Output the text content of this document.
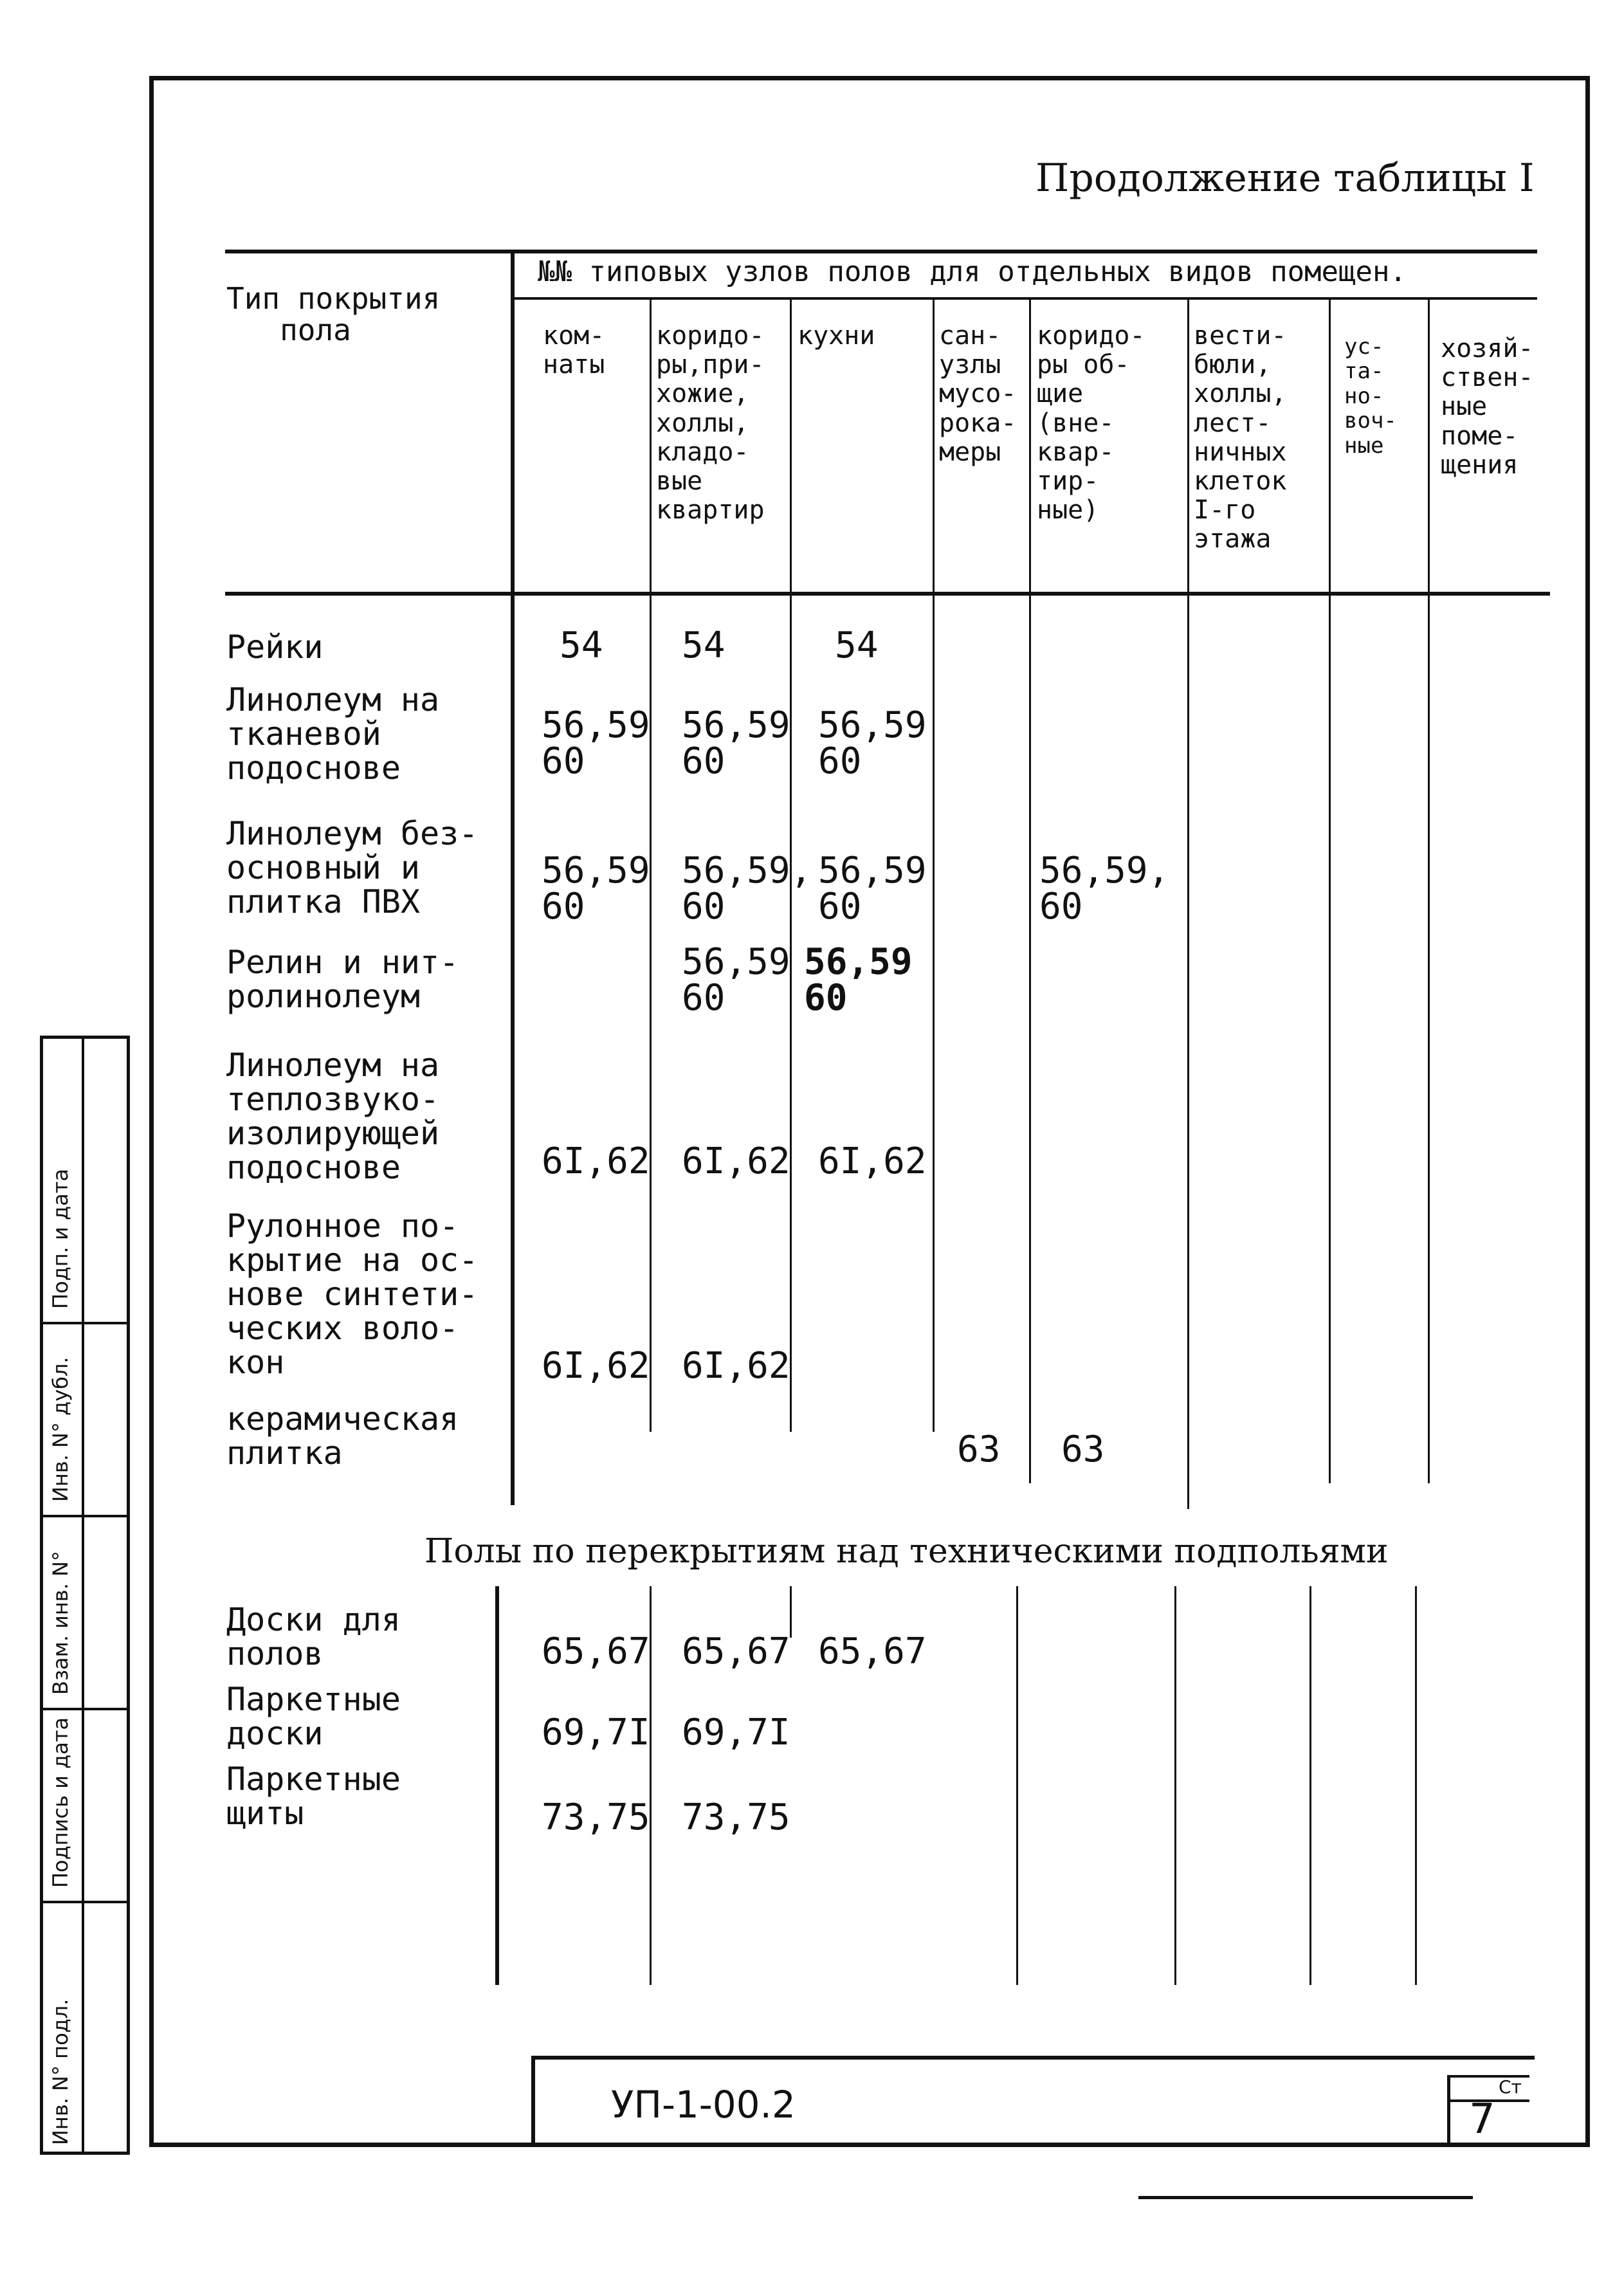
Подп. и дата
Инв. N° дубл.
Взам. инв. N°
Подпись и дата
Инв. N° подл.
Продолжение таблицы I
Тип покрытия
пола
№№ типовых узлов полов для отдельных видов помещен.
ком-
наты
коридо-
ры,при-
хожие,
холлы,
кладо-
вые
квартир
кухни сан-
узлы
мусо-
рока-
меры
коридо-
ры об-
щие
(вне-
квар-
тир-
ные)
вести-
бюли,
холлы,
лест-
ничных
клеток
I-го
этажа
ус-
та-
но-
воч-
ные
хозяй-
ствен-
ные
поме-
щения
Рейки
Линолеум на
тканевой
подоснове
Линолеум без-
основный и
плитка ПВХ
Релин и нит-
ролинолеум
Линолеум на
теплозвуко-
изолирующей
подоснове
Рулонное по-
крытие на ос-
нове синтети-
ческих воло-
кон
керамическая
плитка
54 54	54
56,59
60
56,59
60
56,59
60
56,59
60
56,59,
60
56,59
60
56,59,
60
56,59
60
56,59
60
6I,62 6I,62 6I,62
6I,62 6I,62
63 63
Полы по перекрытиям над техническими подпольями
Доски для
полов
Паркетные
доски
Паркетные
щиты
65,67 65,67 65,67
69,7I 69,7I
73,75 73,75
УП-1-00.2	Ст
7
